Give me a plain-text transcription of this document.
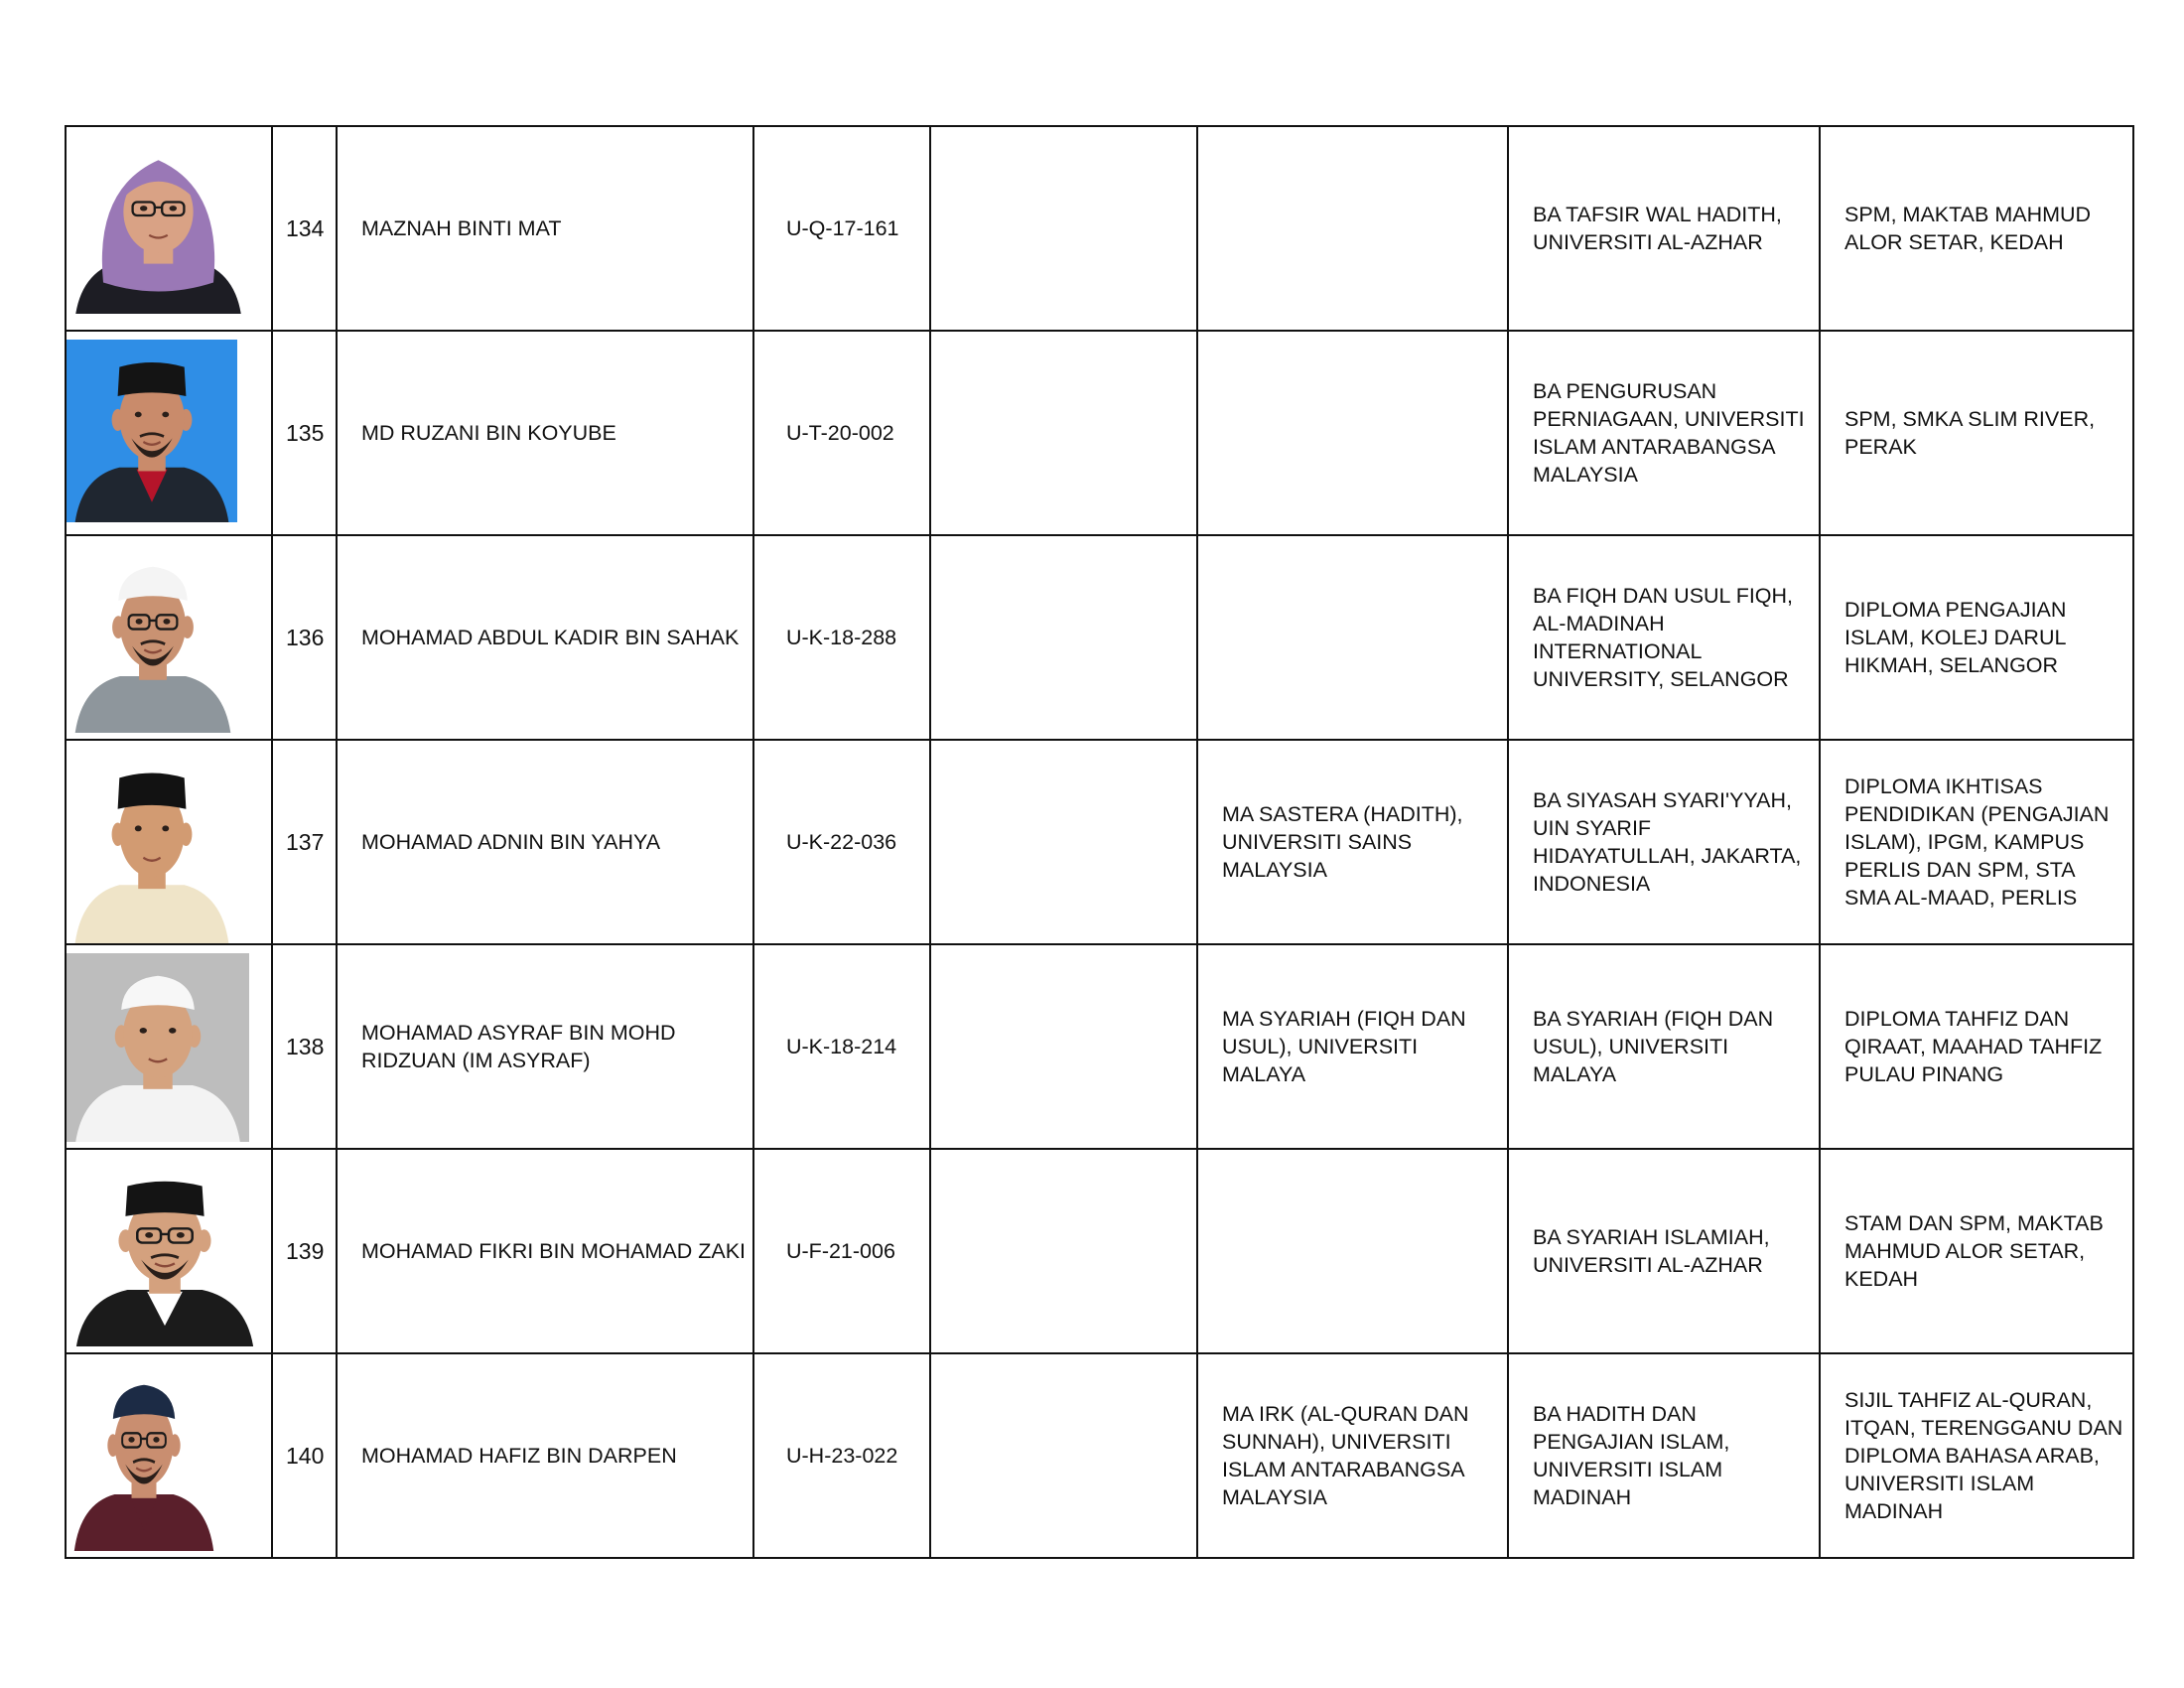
	134	MAZNAH BINTI MAT	U-Q-17-161			BA TAFSIR WAL HADITH, UNIVERSITI AL-AZHAR	SPM, MAKTAB MAHMUD ALOR SETAR, KEDAH

	135	MD RUZANI BIN KOYUBE	U-T-20-002			BA PENGURUSAN PERNIAGAAN, UNIVERSITI ISLAM ANTARABANGSA MALAYSIA	SPM, SMKA SLIM RIVER, PERAK

	136	MOHAMAD ABDUL KADIR BIN SAHAK	U-K-18-288			BA FIQH DAN USUL FIQH, AL-MADINAH INTERNATIONAL UNIVERSITY, SELANGOR	DIPLOMA PENGAJIAN ISLAM, KOLEJ DARUL HIKMAH, SELANGOR

	137	MOHAMAD ADNIN BIN YAHYA	U-K-22-036		MA SASTERA (HADITH), UNIVERSITI SAINS MALAYSIA	BA SIYASAH SYARI'YYAH, UIN SYARIF HIDAYATULLAH, JAKARTA, INDONESIA	DIPLOMA IKHTISAS PENDIDIKAN (PENGAJIAN ISLAM), IPGM, KAMPUS PERLIS DAN SPM, STA SMA AL-MAAD, PERLIS

	138	MOHAMAD ASYRAF BIN MOHD RIDZUAN (IM ASYRAF)	U-K-18-214		MA SYARIAH (FIQH DAN USUL), UNIVERSITI MALAYA	BA SYARIAH (FIQH DAN USUL), UNIVERSITI MALAYA	DIPLOMA TAHFIZ DAN QIRAAT, MAAHAD TAHFIZ PULAU PINANG

	139	MOHAMAD FIKRI BIN MOHAMAD ZAKI	U-F-21-006			BA SYARIAH ISLAMIAH, UNIVERSITI AL-AZHAR	STAM DAN SPM, MAKTAB MAHMUD ALOR SETAR, KEDAH

	140	MOHAMAD HAFIZ BIN DARPEN	U-H-23-022		MA IRK (AL-QURAN DAN SUNNAH), UNIVERSITI ISLAM ANTARABANGSA MALAYSIA	BA HADITH DAN PENGAJIAN ISLAM, UNIVERSITI ISLAM MADINAH	SIJIL TAHFIZ AL-QURAN, ITQAN, TERENGGANU DAN DIPLOMA BAHASA ARAB, UNIVERSITI ISLAM MADINAH
